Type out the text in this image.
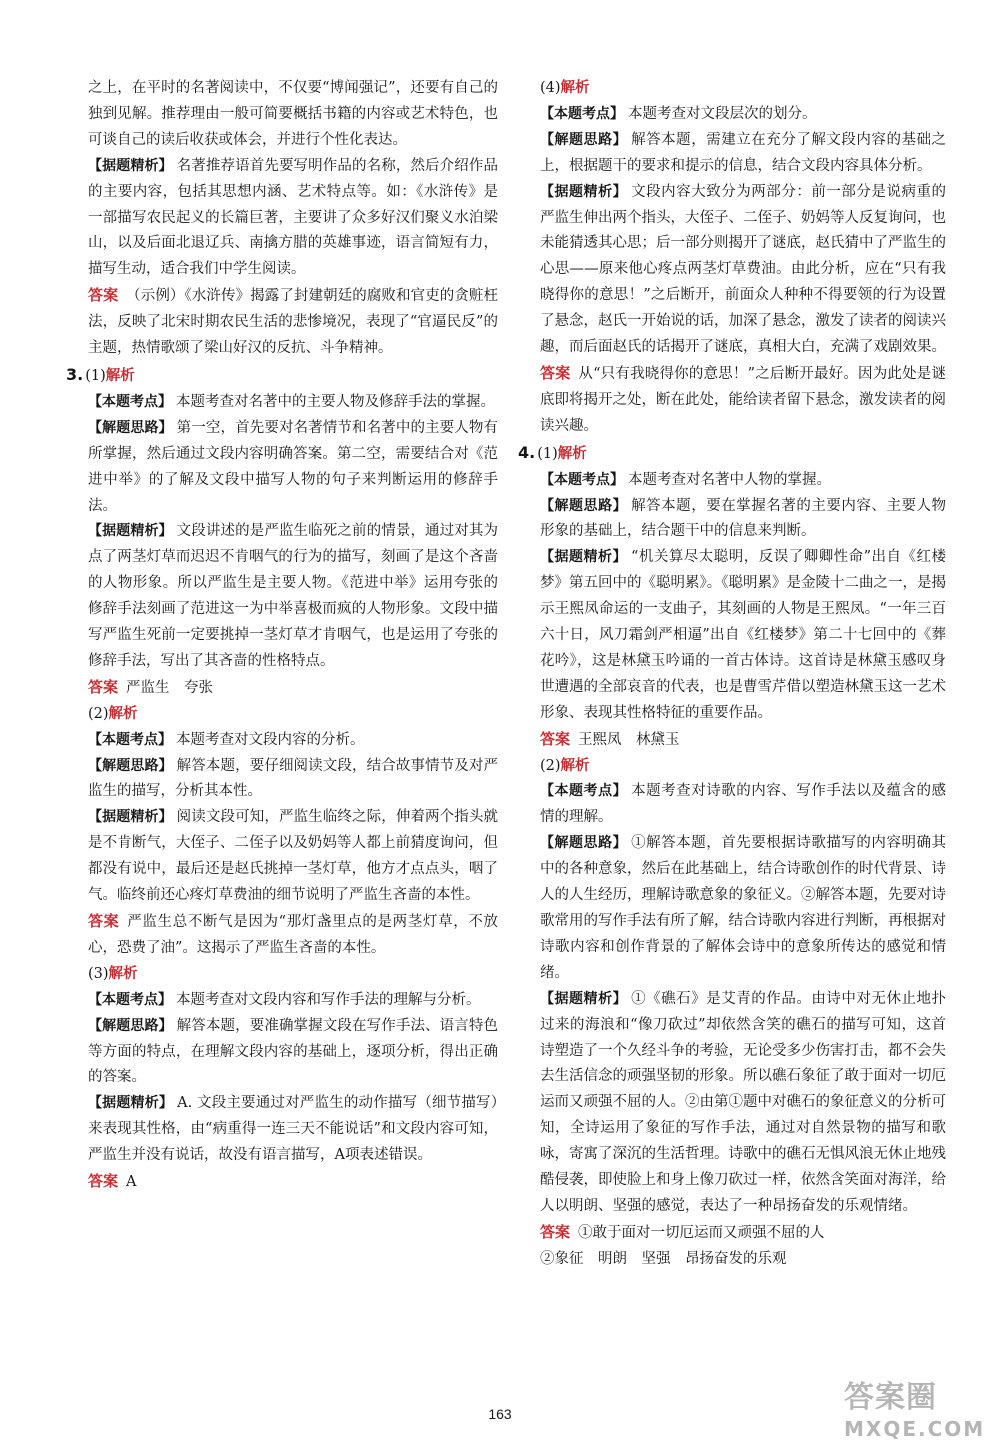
之上，在平时的名著阅读中，不仅要“博闻强记”，还要有自己的独到见解。推荐理由一般可简要概括书籍的内容或艺术特色，也可谈自己的读后收获或体会，并进行个性化表达。

【据题精析】 名著推荐语首先要写明作品的名称，然后介绍作品的主要内容，包括其思想内涵、艺术特点等。如：《水浒传》是一部描写农民起义的长篇巨著，主要讲了众多好汉们聚义水泊梁山，以及后面北退辽兵、南擒方腊的英雄事迹，语言简短有力，描写生动，适合我们中学生阅读。

答案 （示例）《水浒传》揭露了封建朝廷的腐败和官吏的贪赃枉法，反映了北宋时期农民生活的悲惨境况，表现了“官逼民反”的主题，热情歌颂了梁山好汉的反抗、斗争精神。

3. (1)解析

【本题考点】 本题考查对名著中的主要人物及修辞手法的掌握。

【解题思路】 第一空，首先要对名著情节和名著中的主要人物有所掌握，然后通过文段内容明确答案。第二空，需要结合对《范进中举》的了解及文段中描写人物的句子来判断运用的修辞手法。

【据题精析】 文段讲述的是严监生临死之前的情景，通过对其为点了两茎灯草而迟迟不肯咽气的行为的描写，刻画了是这个吝啬的人物形象。所以严监生是主要人物。《范进中举》运用夸张的修辞手法刻画了范进这一为中举喜极而疯的人物形象。文段中描写严监生死前一定要挑掉一茎灯草才肯咽气，也是运用了夸张的修辞手法，写出了其吝啬的性格特点。

答案 严监生　夸张

(2)解析

【本题考点】 本题考查对文段内容的分析。

【解题思路】 解答本题，要仔细阅读文段，结合故事情节及对严监生的描写，分析其本性。

【据题精析】 阅读文段可知，严监生临终之际，伸着两个指头就是不肯断气，大侄子、二侄子以及奶妈等人都上前猜度询问，但都没有说中，最后还是赵氏挑掉一茎灯草，他方才点点头，咽了气。临终前还心疼灯草费油的细节说明了严监生吝啬的本性。

答案 严监生总不断气是因为“那灯盏里点的是两茎灯草，不放心，恐费了油”。这揭示了严监生吝啬的本性。

(3)解析

【本题考点】 本题考查对文段内容和写作手法的理解与分析。

【解题思路】 解答本题，要准确掌握文段在写作手法、语言特色等方面的特点，在理解文段内容的基础上，逐项分析，得出正确的答案。

【据题精析】 A. 文段主要通过对严监生的动作描写（细节描写）来表现其性格，由“病重得一连三天不能说话”和文段内容可知，严监生并没有说话，故没有语言描写，A项表述错误。

答案 A

(4)解析

【本题考点】 本题考查对文段层次的划分。

【解题思路】 解答本题，需建立在充分了解文段内容的基础之上，根据题干的要求和提示的信息，结合文段内容具体分析。

【据题精析】 文段内容大致分为两部分：前一部分是说病重的严监生伸出两个指头，大侄子、二侄子、奶妈等人反复询问，也未能猜透其心思；后一部分则揭开了谜底，赵氏猜中了严监生的心思——原来他心疼点两茎灯草费油。由此分析，应在“只有我晓得你的意思！”之后断开，前面众人种种不得要领的行为设置了悬念，赵氏一开始说的话，加深了悬念，激发了读者的阅读兴趣，而后面赵氏的话揭开了谜底，真相大白，充满了戏剧效果。

答案 从“只有我晓得你的意思！”之后断开最好。因为此处是谜底即将揭开之处，断在此处，能给读者留下悬念，激发读者的阅读兴趣。

4. (1)解析

【本题考点】 本题考查对名著中人物的掌握。

【解题思路】 解答本题，要在掌握名著的主要内容、主要人物形象的基础上，结合题干中的信息来判断。

【据题精析】 “机关算尽太聪明，反误了卿卿性命”出自《红楼梦》第五回中的《聪明累》。《聪明累》是金陵十二曲之一，是揭示王熙凤命运的一支曲子，其刻画的人物是王熙凤。“一年三百六十日，风刀霜剑严相逼”出自《红楼梦》第二十七回中的《葬花吟》，这是林黛玉吟诵的一首古体诗。这首诗是林黛玉感叹身世遭遇的全部哀音的代表，也是曹雪芹借以塑造林黛玉这一艺术形象、表现其性格特征的重要作品。

答案 王熙凤　林黛玉

(2)解析

【本题考点】 本题考查对诗歌的内容、写作手法以及蕴含的感情的理解。

【解题思路】 ①解答本题，首先要根据诗歌描写的内容明确其中的各种意象，然后在此基础上，结合诗歌创作的时代背景、诗人的人生经历，理解诗歌意象的象征义。②解答本题，先要对诗歌常用的写作手法有所了解，结合诗歌内容进行判断，再根据对诗歌内容和创作背景的了解体会诗中的意象所传达的感觉和情绪。

【据题精析】 ①《礁石》是艾青的作品。由诗中对无休止地扑过来的海浪和“像刀砍过”却依然含笑的礁石的描写可知，这首诗塑造了一个久经斗争的考验，无论受多少伤害打击，都不会失去生活信念的顽强坚韧的形象。所以礁石象征了敢于面对一切厄运而又顽强不屈的人。②由第①题中对礁石的象征意义的分析可知，全诗运用了象征的写作手法，通过对自然景物的描写和歌咏，寄寓了深沉的生活哲理。诗歌中的礁石无惧风浪无休止地残酷侵袭，即使脸上和身上像刀砍过一样，依然含笑面对海洋，给人以明朗、坚强的感觉，表达了一种昂扬奋发的乐观情绪。

答案 ①敢于面对一切厄运而又顽强不屈的人

②象征　明朗　坚强　昂扬奋发的乐观

163	答案圈
MXQE.COM
